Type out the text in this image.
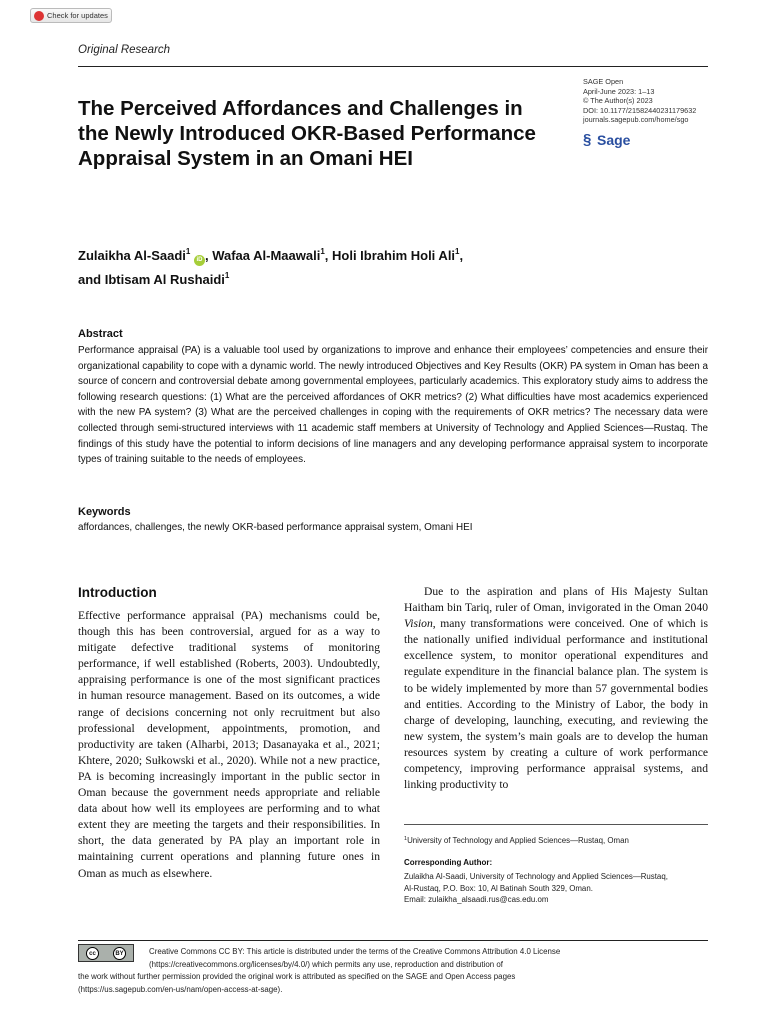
Check for updates
Original Research
SAGE Open
April-June 2023: 1–13
© The Author(s) 2023
DOI: 10.1177/21582440231179632
journals.sagepub.com/home/sgo
§ Sage
The Perceived Affordances and Challenges in the Newly Introduced OKR-Based Performance Appraisal System in an Omani HEI
Zulaikha Al-Saadi$^1$ iD , Wafaa Al-Maawali$^1$, Holi Ibrahim Holi Ali$^1$,
and Ibtisam Al Rushaidi$^1$
Abstract
Performance appraisal (PA) is a valuable tool used by organizations to improve and enhance their employees’ competencies and ensure their organizational capability to cope with a dynamic world. The newly introduced Objectives and Key Results (OKR) PA system in Oman has been a source of concern and controversial debate among governmental employees, particularly academics. This exploratory study aims to address the following research questions: (1) What are the perceived affordances of OKR metrics? (2) What difficulties have most academics experienced with the new PA system? (3) What are the perceived challenges in coping with the requirements of OKR metrics? The necessary data were collected through semi-structured interviews with 11 academic staff members at University of Technology and Applied Sciences—Rustaq. The findings of this study have the potential to inform decisions of line managers and any developing performance appraisal system to incorporate types of training suitable to the needs of employees.
Keywords
affordances, challenges, the newly OKR-based performance appraisal system, Omani HEI
Introduction
Effective performance appraisal (PA) mechanisms could be, though this has been controversial, argued for as a way to mitigate defective traditional systems of monitoring performance, if well established (Roberts, 2003). Undoubtedly, appraising performance is one of the most significant practices in human resource management. Based on its outcomes, a wide range of decisions concerning not only recruitment but also professional development, appointments, promotion, and productivity are taken (Alharbi, 2013; Dasanayaka et al., 2021; Khtere, 2020; Sułkowski et al., 2020). While not a new practice, PA is becoming increasingly important in the public sector in Oman because the government needs appropriate and reliable data about how well its employees are performing and to what extent they are meeting the targets and their responsibilities. In short, the data generated by PA play an important role in maintaining current operations and planning future ones in Oman as much as elsewhere.
Due to the aspiration and plans of His Majesty Sultan Haitham bin Tariq, ruler of Oman, invigorated in the Oman 2040 Vision, many transformations were conceived. One of which is the nationally unified individual performance and institutional excellence system, to monitor operational expenditures and regulate expenditure in the financial balance plan. The system is to be widely implemented by more than 57 governmental bodies and entities. According to the Ministry of Labor, the body in charge of developing, launching, executing, and reviewing the new system, the system’s main goals are to develop the human resources system by creating a culture of work performance competency, improving performance appraisal systems, and linking productivity to
$^1$University of Technology and Applied Sciences—Rustaq, Oman
Corresponding Author:
Zulaikha Al-Saadi, University of Technology and Applied Sciences—Rustaq,
Al-Rustaq, P.O. Box: 10, Al Batinah South 329, Oman.
Email: zulaikha_alsaadi.rus@cas.edu.om
cc	BY	Creative Commons CC BY: This article is distributed under the terms of the Creative Commons Attribution 4.0 License
(https://creativecommons.org/licenses/by/4.0/) which permits any use, reproduction and distribution of
the work without further permission provided the original work is attributed as specified on the SAGE and Open Access pages
(https://us.sagepub.com/en-us/nam/open-access-at-sage).
